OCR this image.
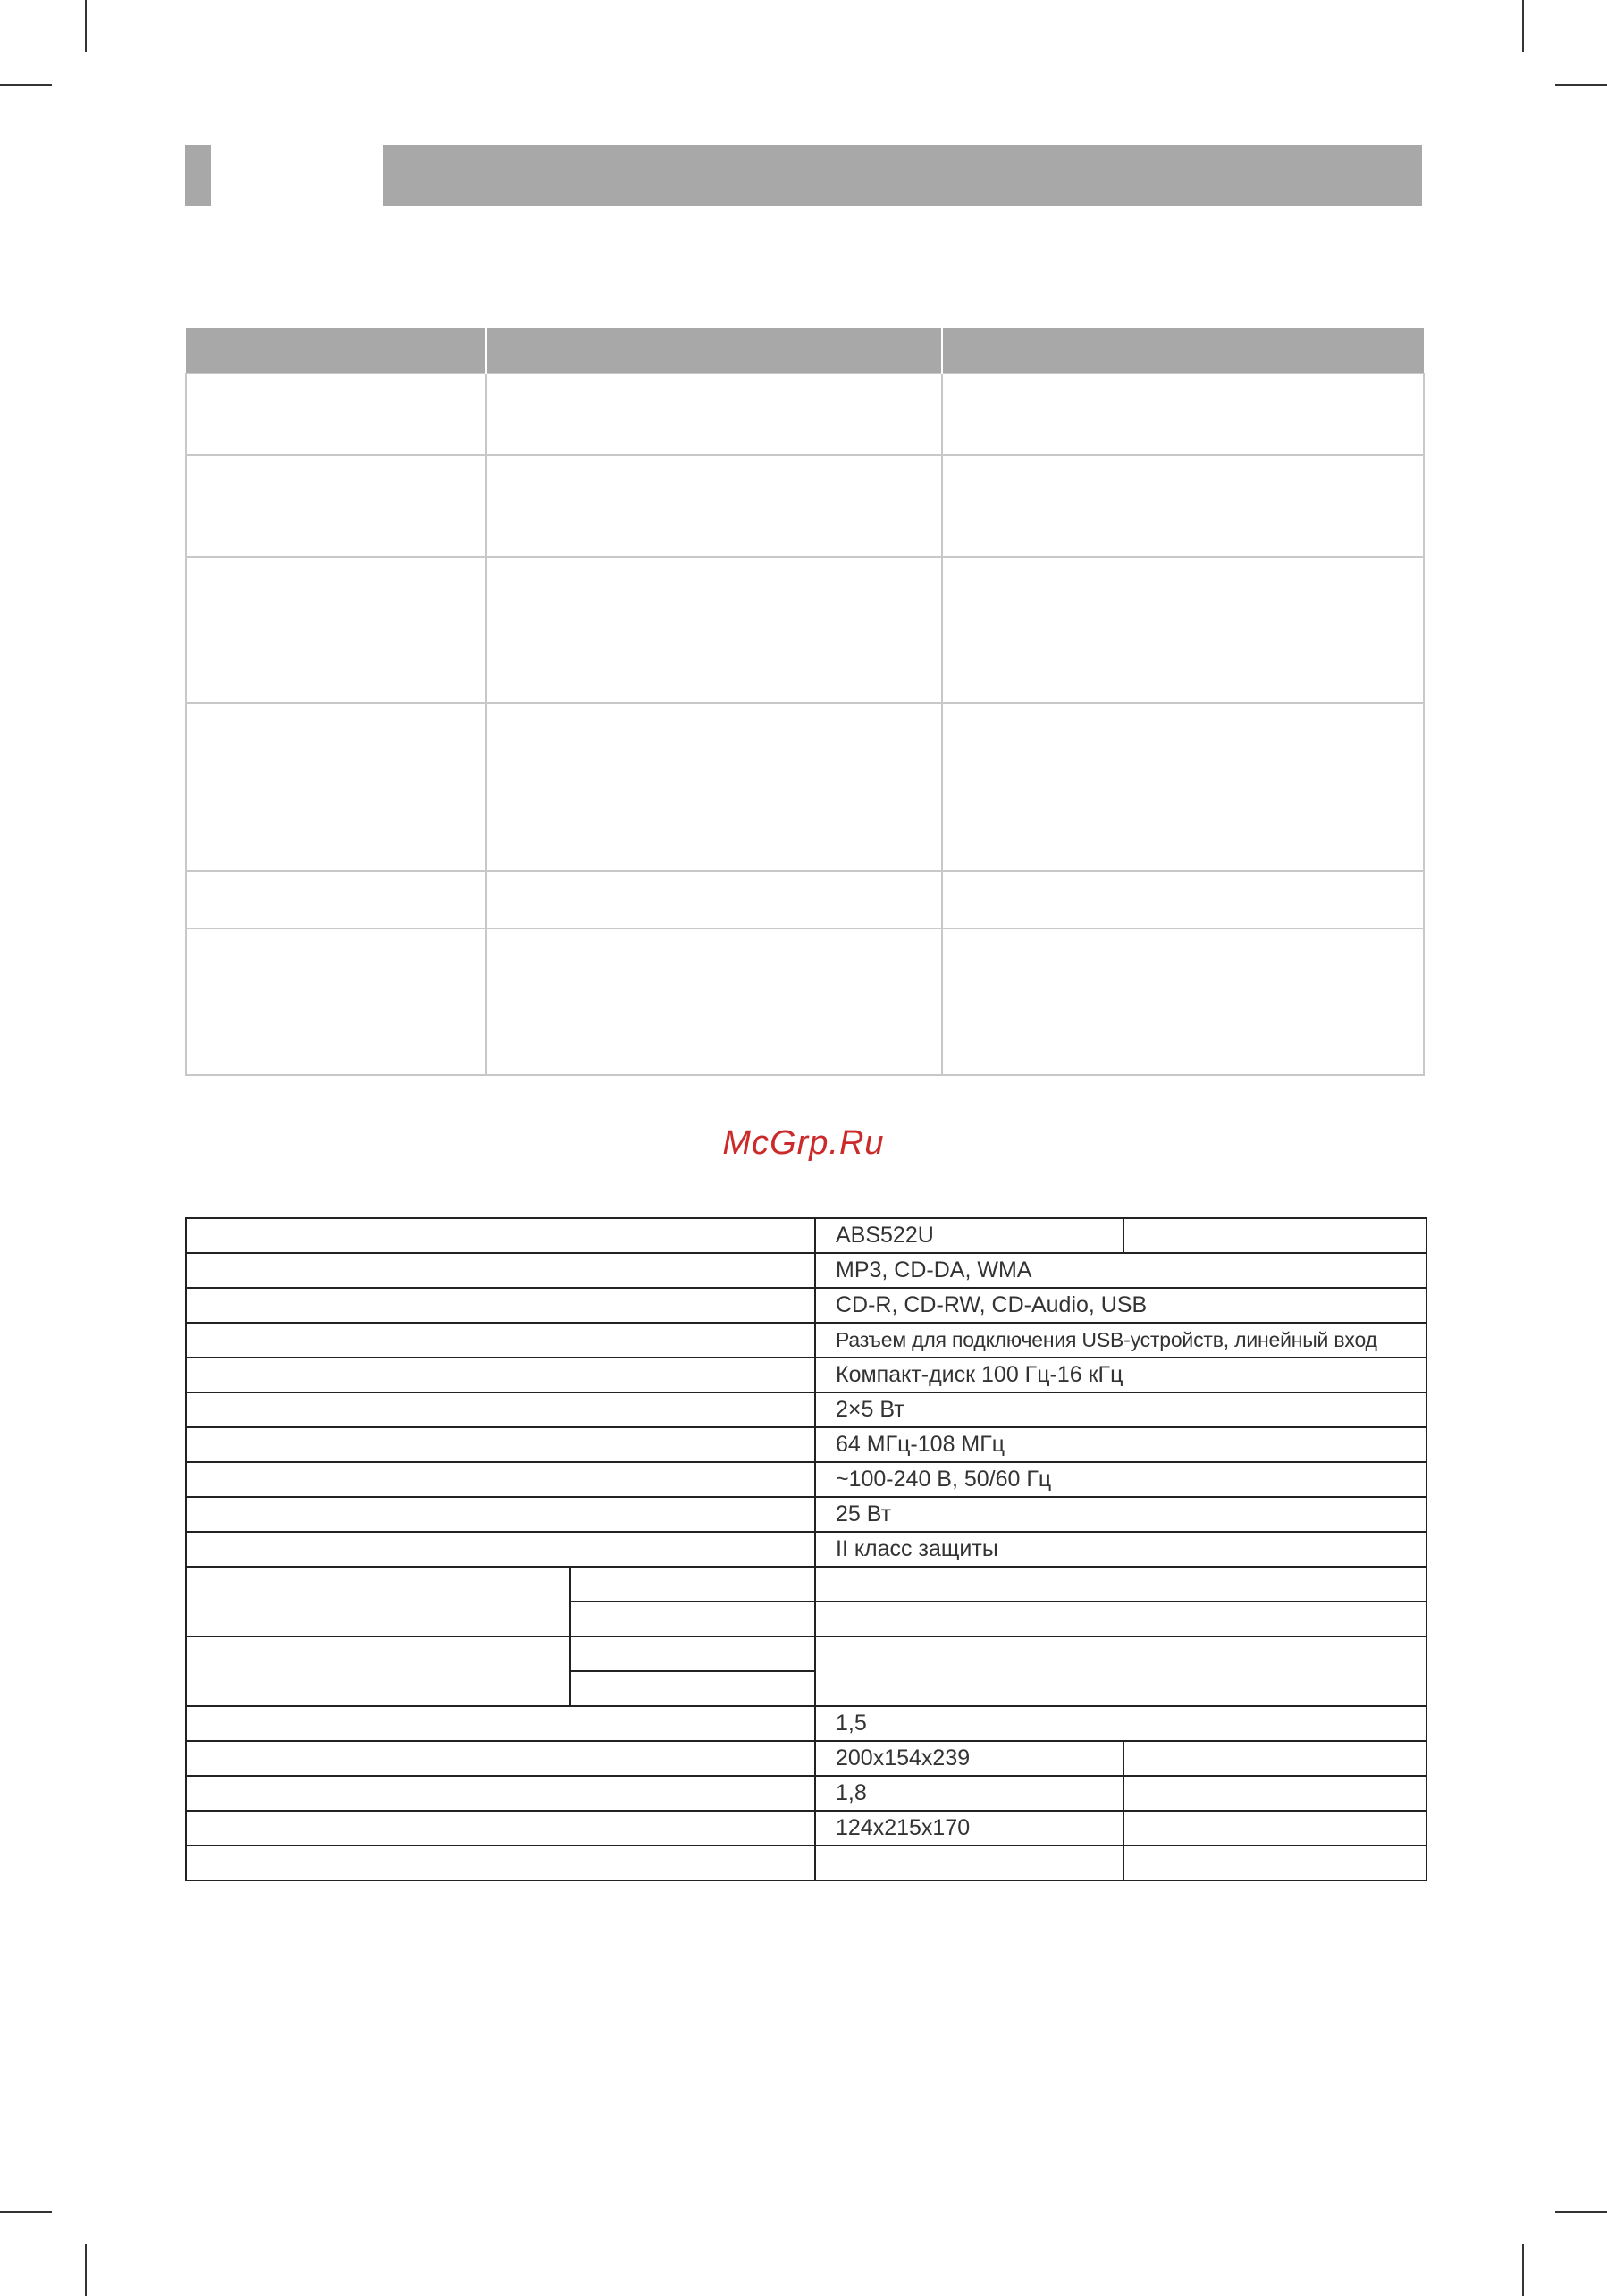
McGrp.Ru
		ABS522U	
		MP3, CD-DA, WMA	
		CD-R, CD-RW, CD-Audio, USB	
		Разъем для подключения USB-устройств, линейный вход	
		Компакт-диск 100 Гц-16 кГц	
		2×5 Вт	
		64 МГц-108 МГц	
		~100-240 В, 50/60 Гц	
		25 Вт	
		II класс защиты	

		1,5	
		200x154x239	
		1,8	
		124x215x170	
